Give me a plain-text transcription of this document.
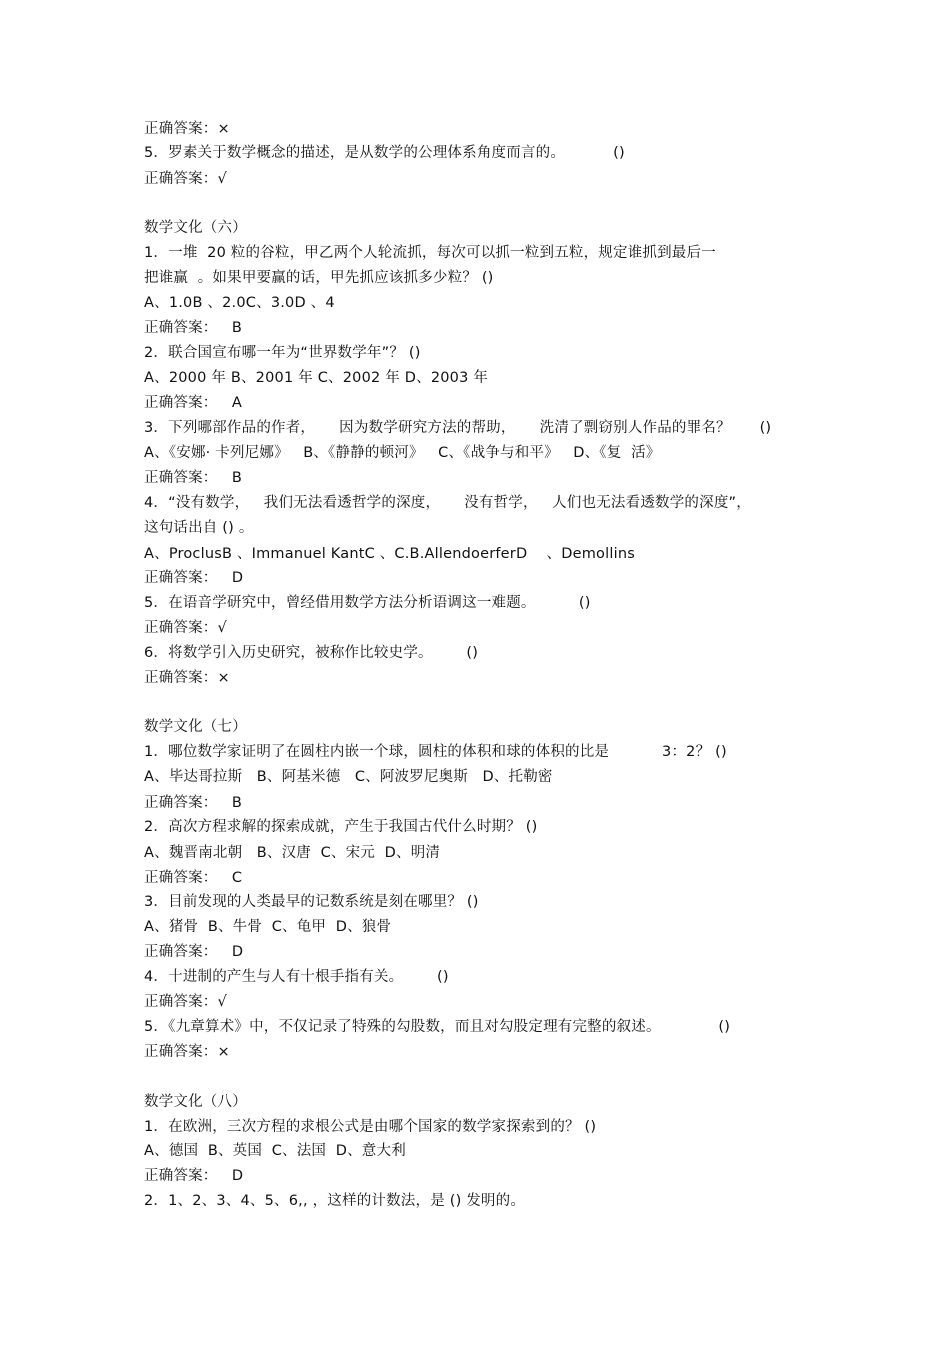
正确答案：×
5．罗素关于数学概念的描述，是从数学的公理体系角度而言的。          ()
正确答案：√
数学文化（六）
1．一堆  20 粒的谷粒，甲乙两个人轮流抓，每次可以抓一粒到五粒，规定谁抓到最后一
把谁赢  。如果甲要赢的话，甲先抓应该抓多少粒？ ()
A、1.0B 、2.0C、3.0D 、4
正确答案：   B
2．联合国宣布哪一年为“世界数学年”？ ()
A、2000 年 B、2001 年 C、2002 年 D、2003 年
正确答案：   A
3．下列哪部作品的作者，     因为数学研究方法的帮助，     洗清了剽窃别人作品的罪名？      ()
A、《安娜· 卡列尼娜》   B、《静静的顿河》   C、《战争与和平》   D、《复  活》
正确答案：   B
4．“没有数学，   我们无法看透哲学的深度，     没有哲学，   人们也无法看透数学的深度”，
这句话出自 () 。
A、ProclusB 、Immanuel KantC 、C.B.AllendoerferD    、Demollins
正确答案：   D
5．在语音学研究中，曾经借用数学方法分析语调这一难题。         ()
正确答案：√
6．将数学引入历史研究，被称作比较史学。       ()
正确答案：×
数学文化（七）
1．哪位数学家证明了在圆柱内嵌一个球，圆柱的体积和球的体积的比是           3：2？ ()
A、毕达哥拉斯   B、阿基米德   C、阿波罗尼奥斯   D、托勒密
正确答案：   B
2．高次方程求解的探索成就，产生于我国古代什么时期？ ()
A、魏晋南北朝   B、汉唐  C、宋元  D、明清
正确答案：   C
3．目前发现的人类最早的记数系统是刻在哪里？ ()
A、猪骨  B、牛骨  C、龟甲  D、狼骨
正确答案：   D
4．十进制的产生与人有十根手指有关。       ()
正确答案：√
5．《九章算术》中，不仅记录了特殊的勾股数，而且对勾股定理有完整的叙述。            ()
正确答案：×
数学文化（八）
1．在欧洲，三次方程的求根公式是由哪个国家的数学家探索到的？ ()
A、德国  B、英国  C、法国  D、意大利
正确答案：   D
2．1、2、3、4、5、6,, ，这样的计数法，是 () 发明的。
